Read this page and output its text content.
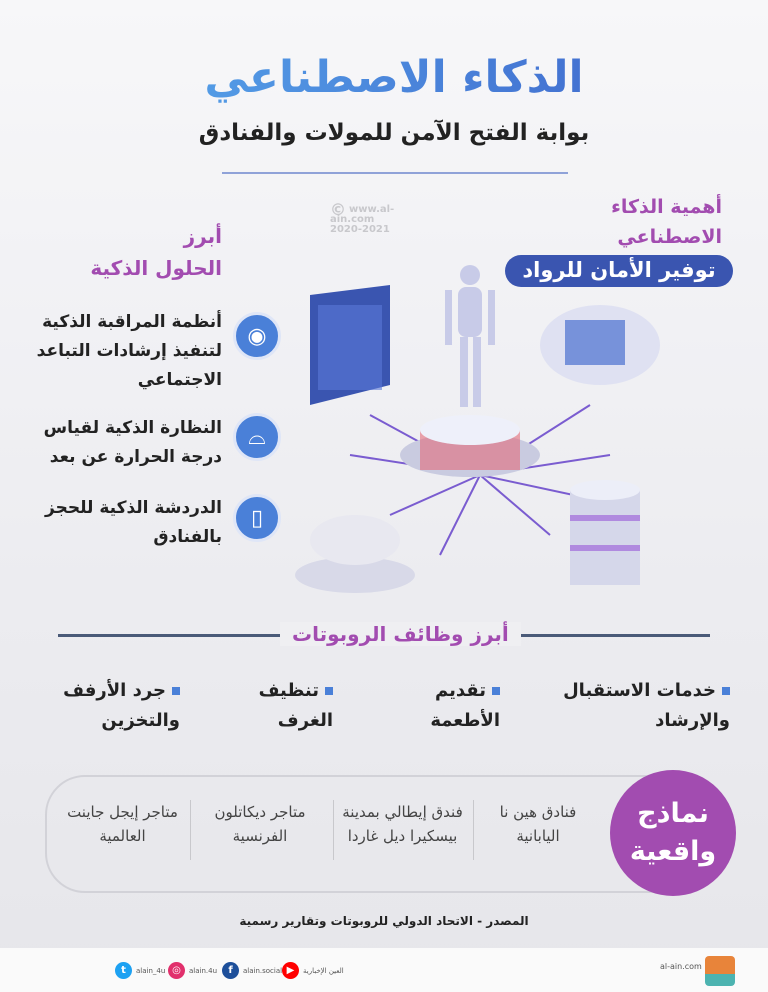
الذكاء الاصطناعي
بوابة الفتح الآمن للمولات والفنادق
© www.al-ain.com
2020-2021
أهمية الذكاء
الاصطناعي
توفير الأمان للرواد
أبرز
الحلول الذكية
◉
أنظمة المراقبة الذكية لتنفيذ إرشادات التباعد الاجتماعي
⌓
النظارة الذكية لقياس درجة الحرارة عن بعد
▯
الدردشة الذكية للحجز بالفنادق
أبرز وظائف الروبوتات
خدمات الاستقبال والإرشاد
تقديم الأطعمة
تنظيف الغرف
جرد الأرفف والتخزين
نماذج
واقعية
فنادق هين نا اليابانية
فندق إيطالي بمدينة بيسكيرا ديل غاردا
متاجر ديكاتلون الفرنسية
متاجر إيجل جاينت العالمية
المصدر - الاتحاد الدولي للروبوتات وتقارير رسمية
t	alain_4u ◎	alain.4u	f	alain.social ▶	العين الإخبارية	al-ain.com
